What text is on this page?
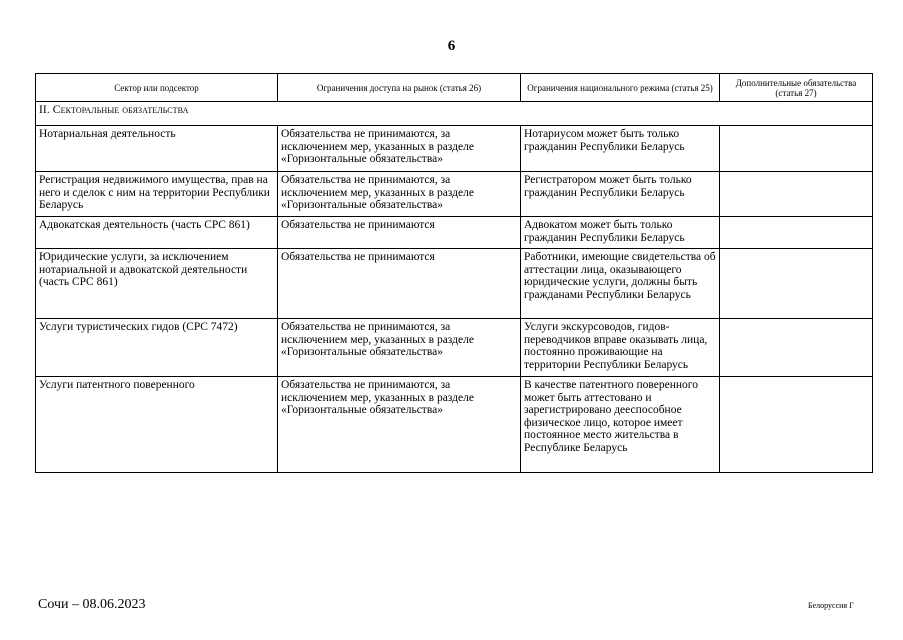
6
Сектор или подсектор	Ограничения доступа на рынок (статья 26)	Ограничения национального режима (статья 25)	Дополнительные обязательства (статья 27)
II. Секторальные обязательства			
Нотариальная деятельность	Обязательства не принимаются, за исключением мер, указанных в разделе «Горизонтальные обязательства»	Нотариусом может быть только гражданин Республики Беларусь	
Регистрация недвижимого имущества, прав на него и сделок с ним на территории Республики Беларусь	Обязательства не принимаются, за исключением мер, указанных в разделе «Горизонтальные обязательства»	Регистратором может быть только гражданин Республики Беларусь	
Адвокатская деятельность (часть CPC 861)	Обязательства не принимаются	Адвокатом может быть только гражданин Республики Беларусь	
Юридические услуги, за исключением нотариальной и адвокатской деятельности (часть CPC 861)	Обязательства не принимаются	Работники, имеющие свидетельства об аттестации лица, оказывающего юридические услуги, должны быть гражданами Республики Беларусь	
Услуги туристических гидов (CPC 7472)	Обязательства не принимаются, за исключением мер, указанных в разделе «Горизонтальные обязательства»	Услуги экскурсоводов, гидов-переводчиков вправе оказывать лица, постоянно проживающие на территории Республики Беларусь	
Услуги патентного поверенного	Обязательства не принимаются, за исключением мер, указанных в разделе «Горизонтальные обязательства»	В качестве патентного поверенного может быть аттестовано и зарегистрировано дееспособное физическое лицо, которое имеет постоянное место жительства в Республике Беларусь	
Сочи – 08.06.2023	Белоруссия Г
